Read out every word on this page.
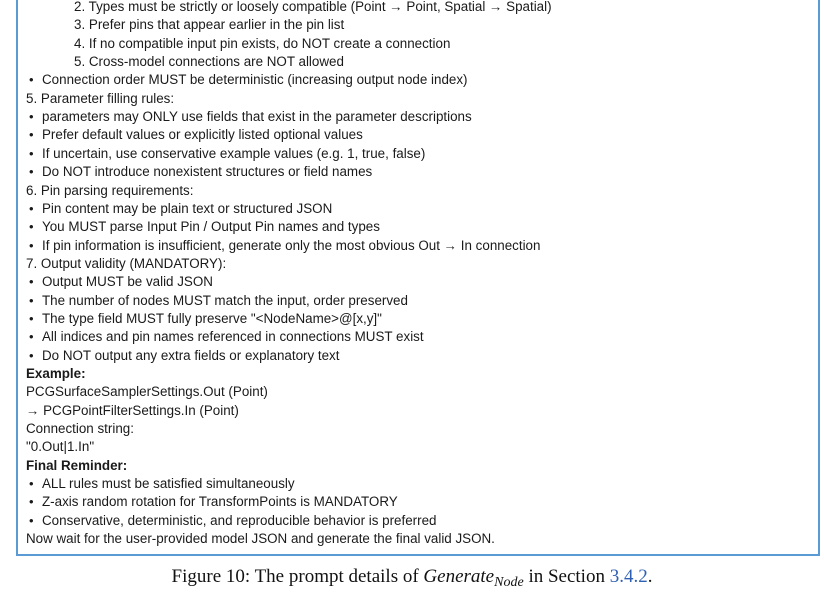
2. Types must be strictly or loosely compatible (Point → Point, Spatial → Spatial)
3. Prefer pins that appear earlier in the pin list
4. If no compatible input pin exists, do NOT create a connection
5. Cross-model connections are NOT allowed
• Connection order MUST be deterministic (increasing output node index)
5. Parameter filling rules:
• parameters may ONLY use fields that exist in the parameter descriptions
• Prefer default values or explicitly listed optional values
• If uncertain, use conservative example values (e.g. 1, true, false)
• Do NOT introduce nonexistent structures or field names
6. Pin parsing requirements:
• Pin content may be plain text or structured JSON
• You MUST parse Input Pin / Output Pin names and types
• If pin information is insufficient, generate only the most obvious Out → In connection
7. Output validity (MANDATORY):
• Output MUST be valid JSON
• The number of nodes MUST match the input, order preserved
• The type field MUST fully preserve "<NodeName>@[x,y]"
• All indices and pin names referenced in connections MUST exist
• Do NOT output any extra fields or explanatory text
Example:
PCGSurfaceSamplerSettings.Out (Point)
→ PCGPointFilterSettings.In (Point)
Connection string:
"0.Out|1.In"
Final Reminder:
• ALL rules must be satisfied simultaneously
• Z-axis random rotation for TransformPoints is MANDATORY
• Conservative, deterministic, and reproducible behavior is preferred
Now wait for the user-provided model JSON and generate the final valid JSON.
Figure 10: The prompt details of Generate$_{Node}$ in Section 3.4.2.
